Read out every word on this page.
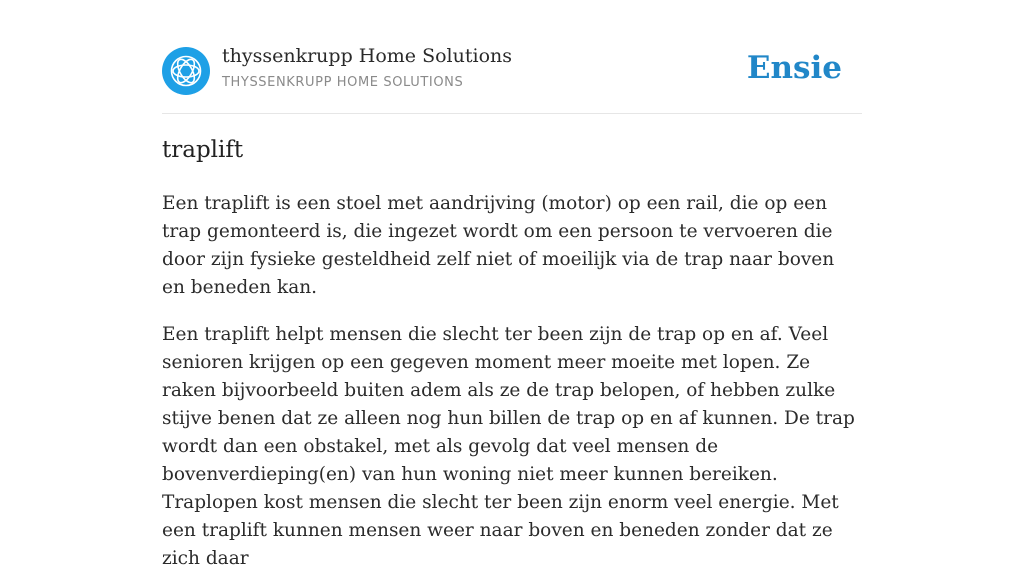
thyssenkrupp Home Solutions
THYSSENKRUPP HOME SOLUTIONS	Ensie
traplift

Een traplift is een stoel met aandrijving (motor) op een rail, die op een trap gemonteerd is, die ingezet wordt om een persoon te vervoeren die door zijn fysieke gesteldheid zelf niet of moeilijk via de trap naar boven en beneden kan.

Een traplift helpt mensen die slecht ter been zijn de trap op en af. Veel senioren krijgen op een gegeven moment meer moeite met lopen. Ze raken bijvoorbeeld buiten adem als ze de trap belopen, of hebben zulke stijve benen dat ze alleen nog hun billen de trap op en af kunnen. De trap wordt dan een obstakel, met als gevolg dat veel mensen de bovenverdieping(en) van hun woning niet meer kunnen bereiken.

Traplopen kost mensen die slecht ter been zijn enorm veel energie. Met een traplift kunnen mensen weer naar boven en beneden zonder dat ze zich daar
